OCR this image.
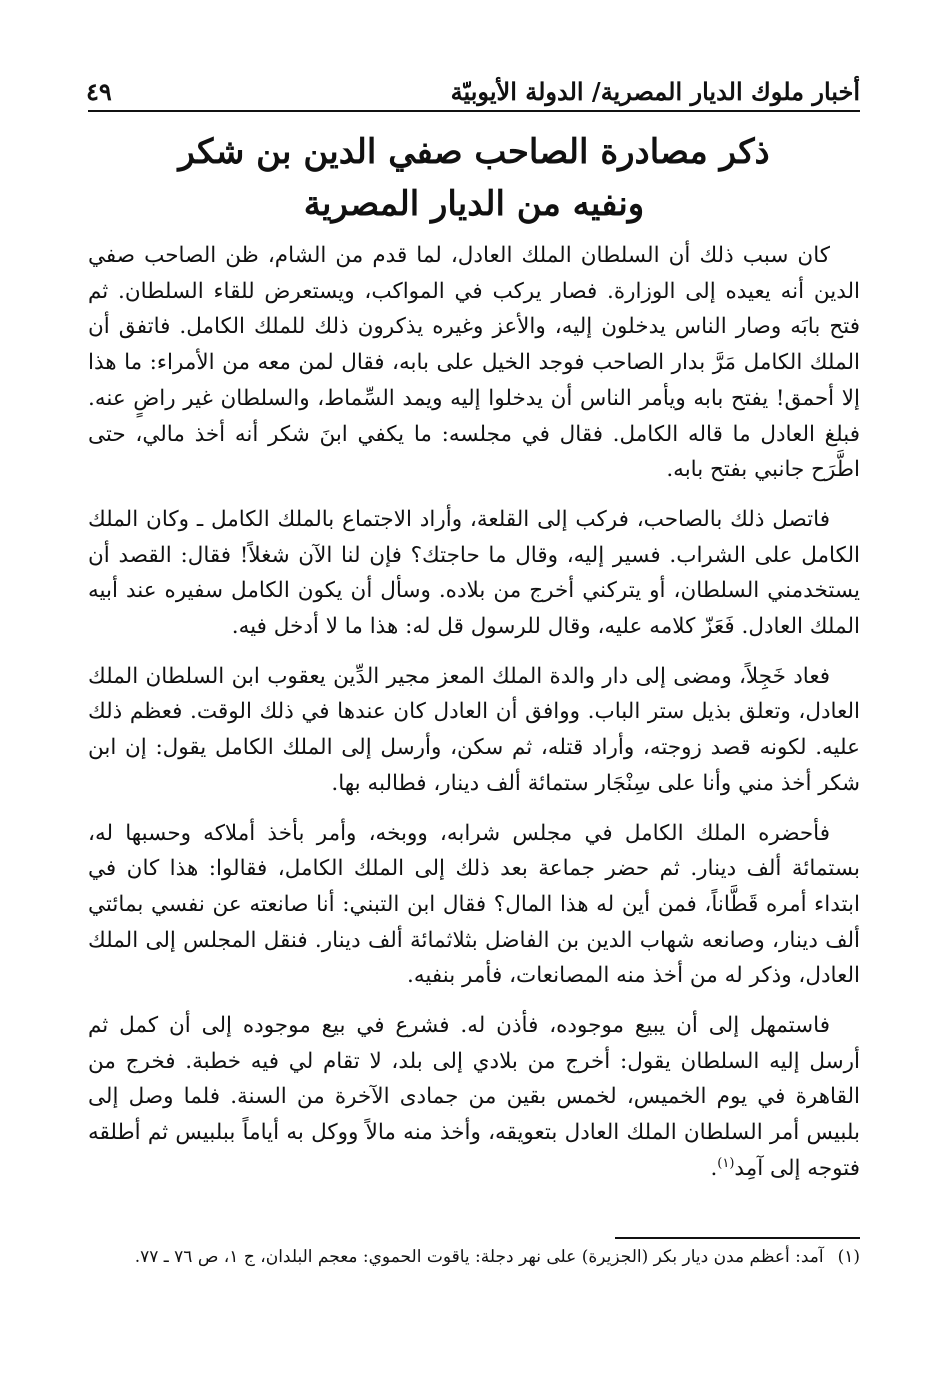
أخبار ملوك الديار المصرية/ الدولة الأيوبيّة
٤٩
ذكر مصادرة الصاحب صفي الدين بن شكر
ونفيه من الديار المصرية

كان سبب ذلك أن السلطان الملك العادل، لما قدم من الشام، ظن الصاحب صفي الدين أنه يعيده إلى الوزارة. فصار يركب في المواكب، ويستعرض للقاء السلطان. ثم فتح بابَه وصار الناس يدخلون إليه، والأعز وغيره يذكرون ذلك للملك الكامل. فاتفق أن الملك الكامل مَرَّ بدار الصاحب فوجد الخيل على بابه، فقال لمن معه من الأمراء: ما هذا إلا أحمق! يفتح بابه ويأمر الناس أن يدخلوا إليه ويمد السِّماط، والسلطان غير راضٍ عنه. فبلغ العادل ما قاله الكامل. فقال في مجلسه: ما يكفي ابنَ شكر أنه أخذ مالي، حتى اطَّرَح جانبي بفتح بابه.

فاتصل ذلك بالصاحب، فركب إلى القلعة، وأراد الاجتماع بالملك الكامل ـ وكان الملك الكامل على الشراب. فسير إليه، وقال ما حاجتك؟ فإن لنا الآن شغلاً! فقال: القصد أن يستخدمني السلطان، أو يتركني أخرج من بلاده. وسأل أن يكون الكامل سفيره عند أبيه الملك العادل. فَعَزّ كلامه عليه، وقال للرسول قل له: هذا ما لا أدخل فيه.

فعاد خَجِلاً، ومضى إلى دار والدة الملك المعز مجير الدِّين يعقوب ابن السلطان الملك العادل، وتعلق بذيل ستر الباب. ووافق أن العادل كان عندها في ذلك الوقت. فعظم ذلك عليه. لكونه قصد زوجته، وأراد قتله، ثم سكن، وأرسل إلى الملك الكامل يقول: إن ابن شكر أخذ مني وأنا على سِنْجَار ستمائة ألف دينار، فطالبه بها.

فأحضره الملك الكامل في مجلس شرابه، ووبخه، وأمر بأخذ أملاكه وحسبها له، بستمائة ألف دينار. ثم حضر جماعة بعد ذلك إلى الملك الكامل، فقالوا: هذا كان في ابتداء أمره قَطَّاناً، فمن أين له هذا المال؟ فقال ابن التبني: أنا صانعته عن نفسي بمائتي ألف دينار، وصانعه شهاب الدين بن الفاضل بثلاثمائة ألف دينار. فنقل المجلس إلى الملك العادل، وذكر له من أخذ منه المصانعات، فأمر بنفيه.

فاستمهل إلى أن يبيع موجوده، فأذن له. فشرع في بيع موجوده إلى أن كمل ثم أرسل إليه السلطان يقول: أخرج من بلادي إلى بلد، لا تقام لي فيه خطبة. فخرج من القاهرة في يوم الخميس، لخمس بقين من جمادى الآخرة من السنة. فلما وصل إلى بلبيس أمر السلطان الملك العادل بتعويقه، وأخذ منه مالاً ووكل به أياماً ببلبيس ثم أطلقه فتوجه إلى آمِد$^{(١)}$.

(١)آمد: أعظم مدن ديار بكر (الجزيرة) على نهر دجلة: ياقوت الحموي: معجم البلدان، ج ١، ص ٧٦ ـ ٧٧.
